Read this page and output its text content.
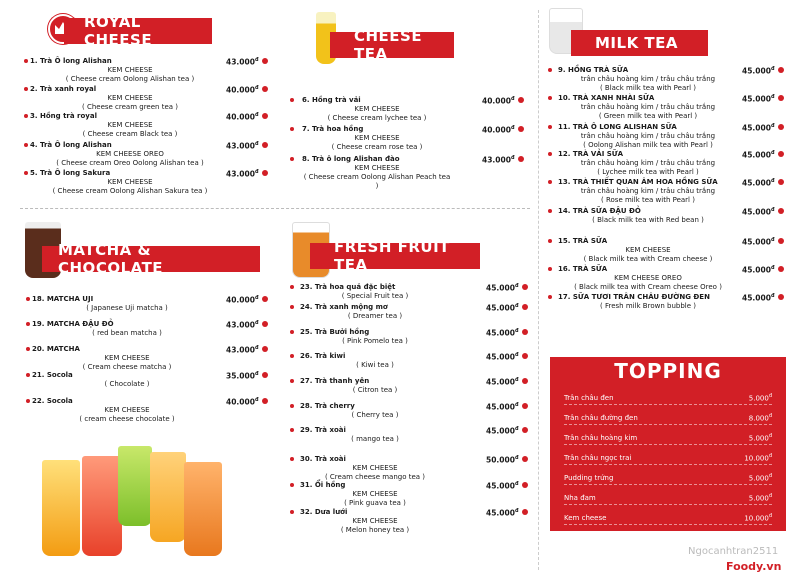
ROYAL CHEESE	CHEESE TEA
MILK TEA
MATCHA & CHOCOLATE
FRESH FRUIT TEA
1. Trà Ô long Alishan
KEM CHEESE
( Cheese cream Oolong Alishan tea )
$43.000^đ$
2. Trà xanh royal
KEM CHEESE
( Cheese cream green tea )
$40.000^đ$
3. Hồng trà royal
KEM CHEESE
( Cheese cream Black tea )
$40.000^đ$
4. Trà Ô long Alishan
KEM CHEESE OREO
( Cheese cream Oreo Oolong Alishan tea )
$43.000^đ$
5. Trà Ô long Sakura
KEM CHEESE
( Cheese cream Oolong Alishan Sakura tea )
$43.000^đ$
6. Hồng trà vải
KEM CHEESE
( Cheese cream lychee tea )
$40.000^đ$
7. Trà hoa hồng
KEM CHEESE
( Cheese cream rose tea )
$40.000^đ$
8. Trà ô long Alishan đào
KEM CHEESE
( Cheese cream Oolong Alishan Peach tea )
$43.000^đ$
9. HỒNG TRÀ SỮA
trân châu hoàng kim / trâu châu trắng
( Black milk tea with Pearl )
$45.000^đ$
10. TRÀ XANH NHÀI SỮA
trân châu hoàng kim / trâu châu trắng
( Green milk tea with Pearl )
$45.000^đ$
11. TRÀ Ô LONG ALISHAN SỮA
trân châu hoàng kim / trâu châu trắng
( Oolong Alishan milk tea with Pearl )
$45.000^đ$
12. TRÀ VẢI SỮA
trân châu hoàng kim / trâu châu trắng
( Lychee milk tea with Pearl )
$45.000^đ$
13. TRÀ THIẾT QUAN ÂM HOA HỒNG SỮA
trân châu hoàng kim / trâu châu trắng
( Rose milk tea with Pearl )
$45.000^đ$
14. TRÀ SỮA ĐẬU ĐỎ
( Black milk tea with Red bean )
$45.000^đ$
15. TRÀ SỮA
KEM CHEESE
( Black milk tea with Cream cheese )
$45.000^đ$
16. TRÀ SỮA
KEM CHEESE OREO
( Black milk tea with Cream cheese Oreo )
$45.000^đ$
17. SỮA TƯƠI TRÂN CHÂU ĐƯỜNG ĐEN
( Fresh milk Brown bubble )
$45.000^đ$
18. MATCHA UJI
( Japanese Uji matcha )
$40.000^đ$
19. MATCHA ĐẬU ĐỎ
( red bean matcha )
$43.000^đ$
20. MATCHA
KEM CHEESE
( Cream cheese matcha )
$43.000^đ$
21. Socola
( Chocolate )
$35.000^đ$
22. Socola
KEM CHEESE
( cream cheese chocolate )
$40.000^đ$
23. Trà hoa quả đặc biệt
( Special Fruit tea )
$45.000^đ$
24. Trà xanh mộng mơ
( Dreamer tea )
$45.000^đ$
25. Trà Bưởi hồng
( Pink Pomelo tea )
$45.000^đ$
26. Trà kiwi
( Kiwi tea )
$45.000^đ$
27. Trà thanh yên
( Citron tea )
$45.000^đ$
28. Trà cherry
( Cherry tea )
$45.000^đ$
29. Trà xoài
( mango tea )
$45.000^đ$
30. Trà xoài
KEM CHEESE
( Cream cheese mango tea )
$50.000^đ$
31. Ổi hồng
KEM CHEESE
( Pink guava tea )
$45.000^đ$
32. Dưa lưới
KEM CHEESE
( Melon honey tea )
$45.000^đ$
TOPPING
Trân châu đen	$5.000^đ$
Trân châu đường đen	$8.000^đ$
Trân châu hoàng kim	$5.000^đ$
Trân châu ngọc trai	$10.000^đ$
Pudding trứng	$5.000^đ$
Nha đam	$5.000^đ$
Kem cheese	$10.000^đ$
Ngocanhtran2511
Foody.vn
